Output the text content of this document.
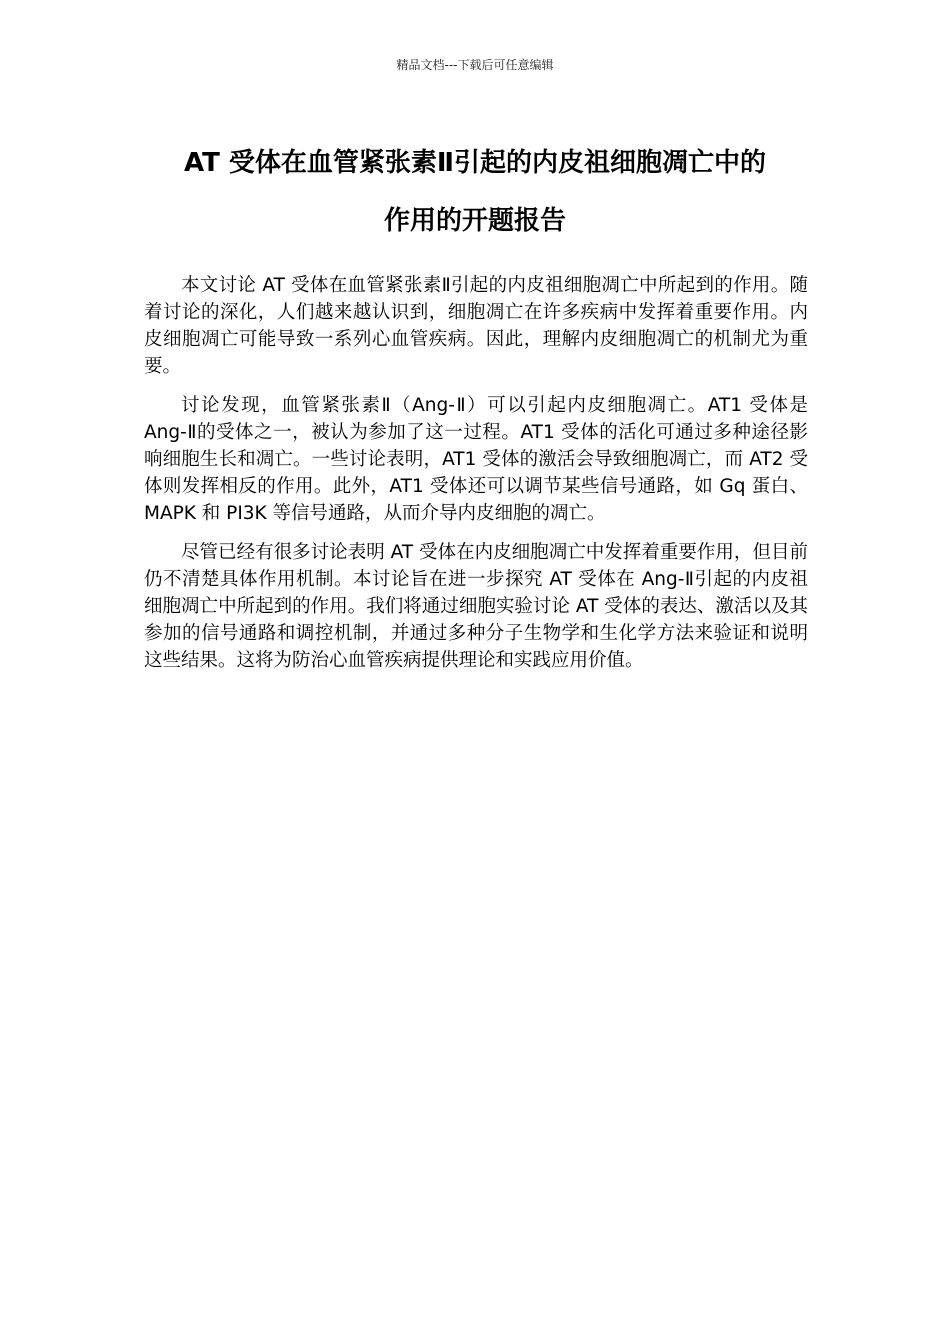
精品文档---下载后可任意编辑
AT 受体在血管紧张素Ⅱ引起的内皮祖细胞凋亡中的
作用的开题报告

本文讨论 AT 受体在血管紧张素Ⅱ引起的内皮祖细胞凋亡中所起到的作用。随着讨论的深化，人们越来越认识到，细胞凋亡在许多疾病中发挥着重要作用。内皮细胞凋亡可能导致一系列心血管疾病。因此，理解内皮细胞凋亡的机制尤为重要。

讨论发现，血管紧张素Ⅱ（Ang-Ⅱ）可以引起内皮细胞凋亡。AT1 受体是 Ang-Ⅱ的受体之一，被认为参加了这一过程。AT1 受体的活化可通过多种途径影响细胞生长和凋亡。一些讨论表明，AT1 受体的激活会导致细胞凋亡，而 AT2 受体则发挥相反的作用。此外，AT1 受体还可以调节某些信号通路，如 Gq 蛋白、MAPK 和 PI3K 等信号通路，从而介导内皮细胞的凋亡。

尽管已经有很多讨论表明 AT 受体在内皮细胞凋亡中发挥着重要作用，但目前仍不清楚具体作用机制。本讨论旨在进一步探究 AT 受体在 Ang-Ⅱ引起的内皮祖细胞凋亡中所起到的作用。我们将通过细胞实验讨论 AT 受体的表达、激活以及其参加的信号通路和调控机制，并通过多种分子生物学和生化学方法来验证和说明这些结果。这将为防治心血管疾病提供理论和实践应用价值。
